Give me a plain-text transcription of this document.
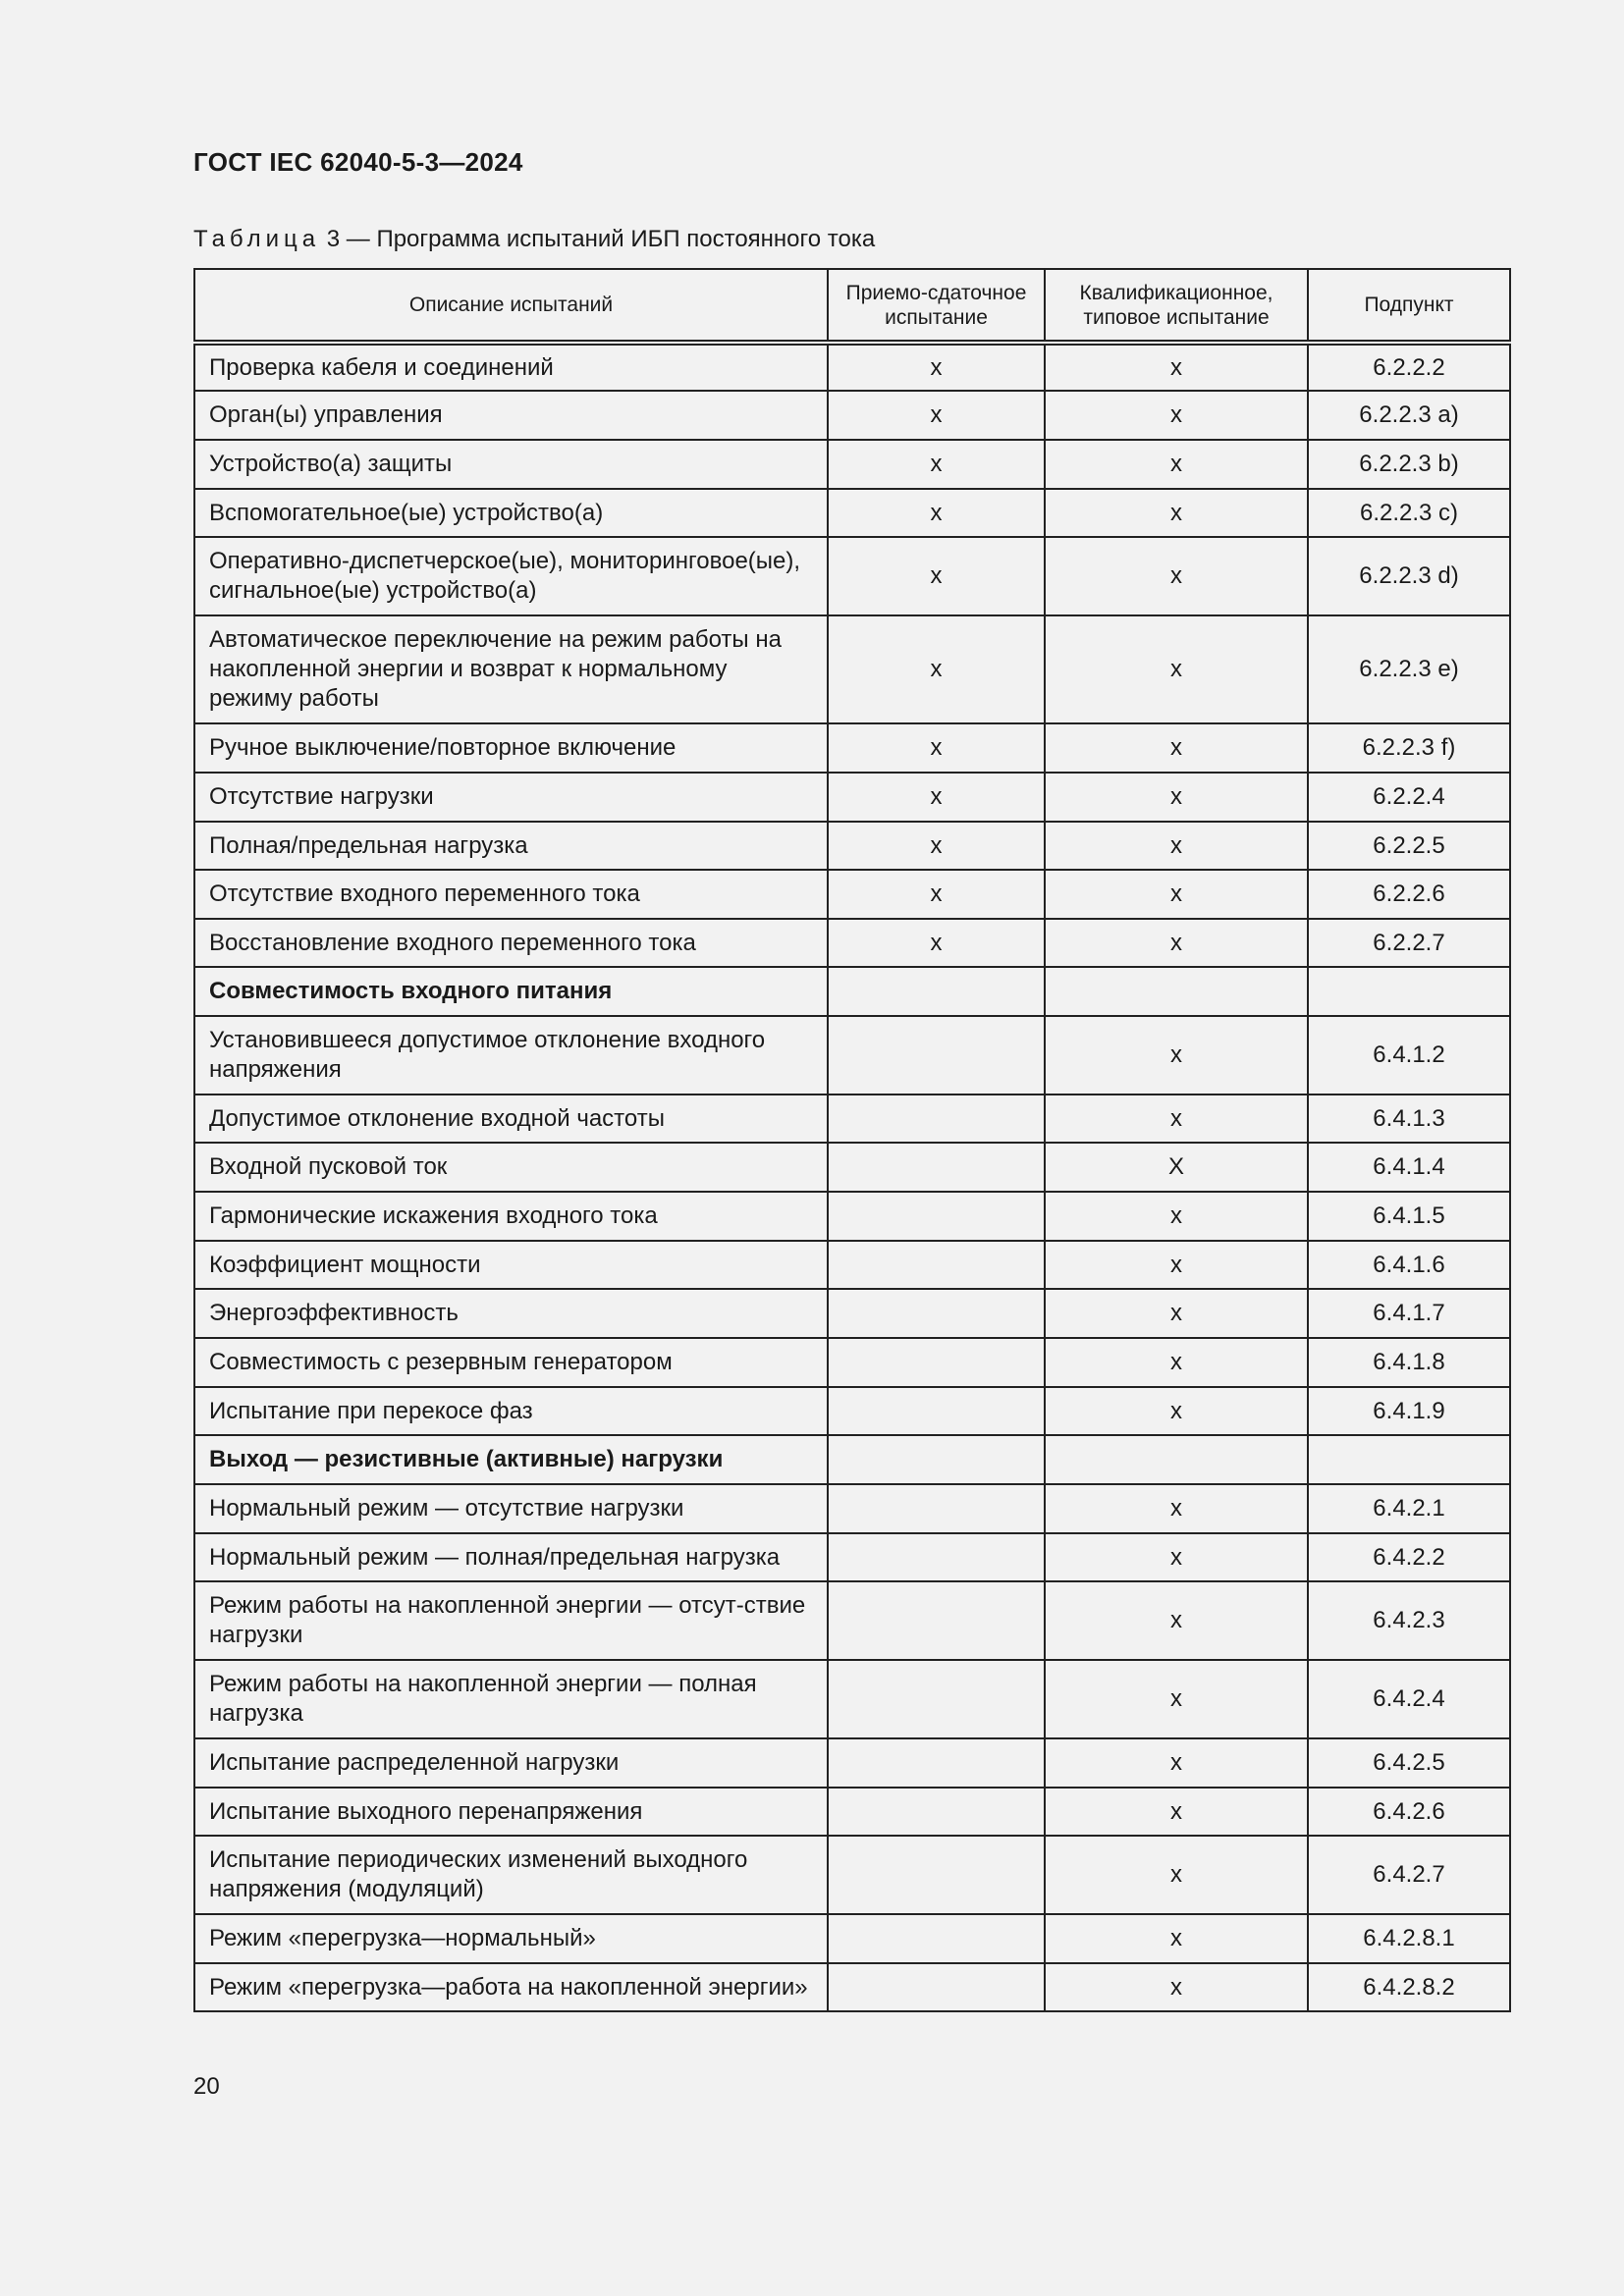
ГОСТ IEC 62040-5-3—2024
Таблица 3 — Программа испытаний ИБП постоянного тока
Описание испытаний	Приемо-сдаточное испытание	Квалификационное, типовое испытание	Подпункт
Проверка кабеля и соединений	x	x	6.2.2.2
Орган(ы) управления	x	x	6.2.2.3 a)
Устройство(а) защиты	x	x	6.2.2.3 b)
Вспомогательное(ые) устройство(а)	x	x	6.2.2.3 c)
Оперативно-диспетчерское(ые), мониторинговое(ые), сигнальное(ые) устройство(а)	x	x	6.2.2.3 d)
Автоматическое переключение на режим работы на накопленной энергии и возврат к нормальному режиму работы	x	x	6.2.2.3 e)
Ручное выключение/повторное включение	x	x	6.2.2.3 f)
Отсутствие нагрузки	x	x	6.2.2.4
Полная/предельная нагрузка	x	x	6.2.2.5
Отсутствие входного переменного тока	x	x	6.2.2.6
Восстановление входного переменного тока	x	x	6.2.2.7
Совместимость входного питания			
Установившееся допустимое отклонение входного напряжения		x	6.4.1.2
Допустимое отклонение входной частоты		x	6.4.1.3
Входной пусковой ток		X	6.4.1.4
Гармонические искажения входного тока		x	6.4.1.5
Коэффициент мощности		x	6.4.1.6
Энергоэффективность		x	6.4.1.7
Совместимость с резервным генератором		x	6.4.1.8
Испытание при перекосе фаз		x	6.4.1.9
Выход — резистивные (активные) нагрузки			
Нормальный режим — отсутствие нагрузки		x	6.4.2.1
Нормальный режим — полная/предельная нагрузка		x	6.4.2.2
Режим работы на накопленной энергии — отсут-ствие нагрузки		x	6.4.2.3
Режим работы на накопленной энергии — полная нагрузка		x	6.4.2.4
Испытание распределенной нагрузки		x	6.4.2.5
Испытание выходного перенапряжения		x	6.4.2.6
Испытание периодических изменений выходного напряжения (модуляций)		x	6.4.2.7
Режим «перегрузка—нормальный»		x	6.4.2.8.1
Режим «перегрузка—работа на накопленной энергии»		x	6.4.2.8.2
20
